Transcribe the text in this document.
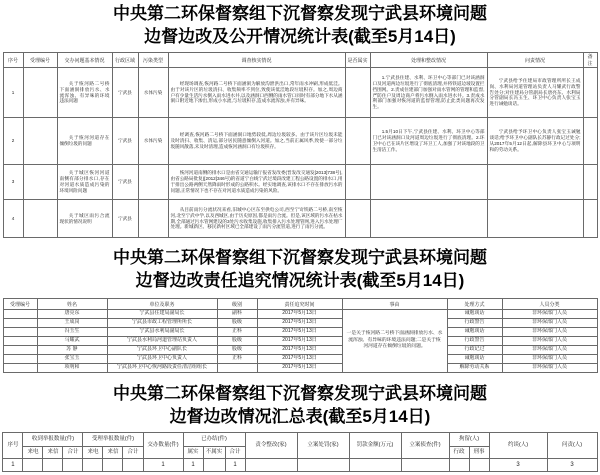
中央第二环保督察组下沉督察发现宁武县环境问题
边督边改及公开情况统计表(截至5月14日)
序号	受理编号	交办问题基本情况	行政区域	污染类型	调查核实情况	是否属实	处理和整改情况	问责情况	备注
1		关于恢河路二号桥下面涵洞排放污水、水流浑浊、有异味的环境违法问题	宁武县	水体污染	经现场调查,恢河路二号桥下面涵洞为解放沟泄洪出口,常年雨水冲刷,形成低洼。由于对该片区的垃圾清扫、收集频率不到位,致使该低洼地段垃圾积存。加之,周边商户有少量生活污水倒入雨水进水井,以及涵洞口西侧的雨水管口同时有部分地下水从涵洞口附近地下渗出,形成小水流,与垃圾积存,造成水流浑浊,并有异味。		1.宁武县住建、水利、环卫中心等部门已对该涵洞口及河道两边垃圾进行了彻底清理,并将铁道边坡设置拦挡围网。2.责成住建部门加强对雨水管网的管理和监督,严防住户及周边商户将污水倒入雨水进水井。3.责成水利部门加强对恢河道的监督管理,防止此类问题再次发生。	宁武县给予住建局市政管理所所长王成岗、水利局河道管理站负责人马耀武行政警告处分;对住建局分管副局长唐亮东、水利局分管副局长冯玉生、环卫中心负责人张宝玉进行诫勉谈话。	
2		关于恢河河道存在倾倒垃圾的问题	宁武县	水体污染	经调查,恢河路二号桥下面涵洞口地势较低,周边垃圾较多。由于该片区垃圾未能及时清扫、收集、清运,部分居民随意倾倒入河道。加之,当前正属风季,致使一部分垃圾随风散落,未及时清理,造成恢河涵洞口有垃圾积存。		1.5月10日下午,宁武县住建、水利、环卫中心等部门已对该涵洞口及河道周边垃圾进行了彻底清理。2.环卫中心已在该片区增设了环卫工人,加强了对该地段的卫生清洁工作。	宁武县给予环卫中心负责人张宝玉诫勉谈话;给予环卫中心副队长苏静行政记过处分;从2017年5月12日起,解除县环卫中心与项明和的劳动关系。	
3		关于城区恢河河道南侧有部分排水口,存在对河道水质造成污染的环境风险问题	宁武县		恢河河道南侧的排水口是由省交通运输厅报省发改委(晋发改交通发[2013]738号),由省公路局批复([2012]346号)的省道宁白线宁武过境段改建工程公路设置的排水口,用于排出公路两侧天然降雨时形成的公路积水。经实地调查,该排水口不存在排放污水的问题,正常情况下也不存在对河道水质造成污染的风险。				
4		关于城区雨污合流现状的情况说明	宁武县		从目前雨污分流状况来看,旧城中心区东至供电公司,西至宁岢铁路二号桥,南至恢河,北至宁武中学,以及西城区,由于历史原因,都是雨污合流。但是,该区域的污水在枯水期,全部通过污水管网建设的3处污水收集设施,收集排入污水处理管网,进入污水处理厂处理。新城新区、移民新村区域已全部建设了雨污分流管道,进行了雨污分流。				
中央第二环保督察组下沉督察发现宁武县环境问题
边督边改责任追究情况统计表(截至5月14日)
受理编号	姓名	单位及职务	级别	责任追究时间	事由	处理方式	人员分类
	唐亮东	宁武县住建局副局长	副科	2017年5月13日	一是关于恢河路二号桥下面涵洞排放污水、水流浑浊、有异味的环境违法问题;二是关于恢河河道存在倾倒垃圾的问题。	诫勉谈话	非环保部门人员
	王成岗	宁武县市政工程管理所所长	股级	2017年5月13日		行政警告	非环保部门人员
	冯玉生	宁武县水利局副局长	正科	2017年5月13日		诫勉谈话	非环保部门人员
	马耀武	宁武县水利局河道管理站负责人	股级	2017年5月13日		行政警告	非环保部门人员
	苏 静	宁武县环卫中心副队长	股级	2017年5月13日		行政记过	非环保部门人员
	张宝玉	宁武县环卫中心负责人	正科	2017年5月13日		诫勉谈话	非环保部门人员
	项明和	宁武县环卫中心恢河路段责任清洁组组长		2017年5月13日		解除劳动关系	非环保部门人员
中央第二环保督察组下沉督察发现宁武县环境问题
边督边改情况汇总表(截至5月14日)
序号	收到举报数量(件)			受理举报数量(件)			交办数量(件)	已办结(件)			责令整改(家)	立案处罚(家)	罚款金额(万元)	立案侦查(件)	拘留(人)		约谈(人)	问责(人)
	来电	来信	合计	来电	来信	合计		属实	不属实	合计					行政	刑事		
1							1	1		1							3	3
